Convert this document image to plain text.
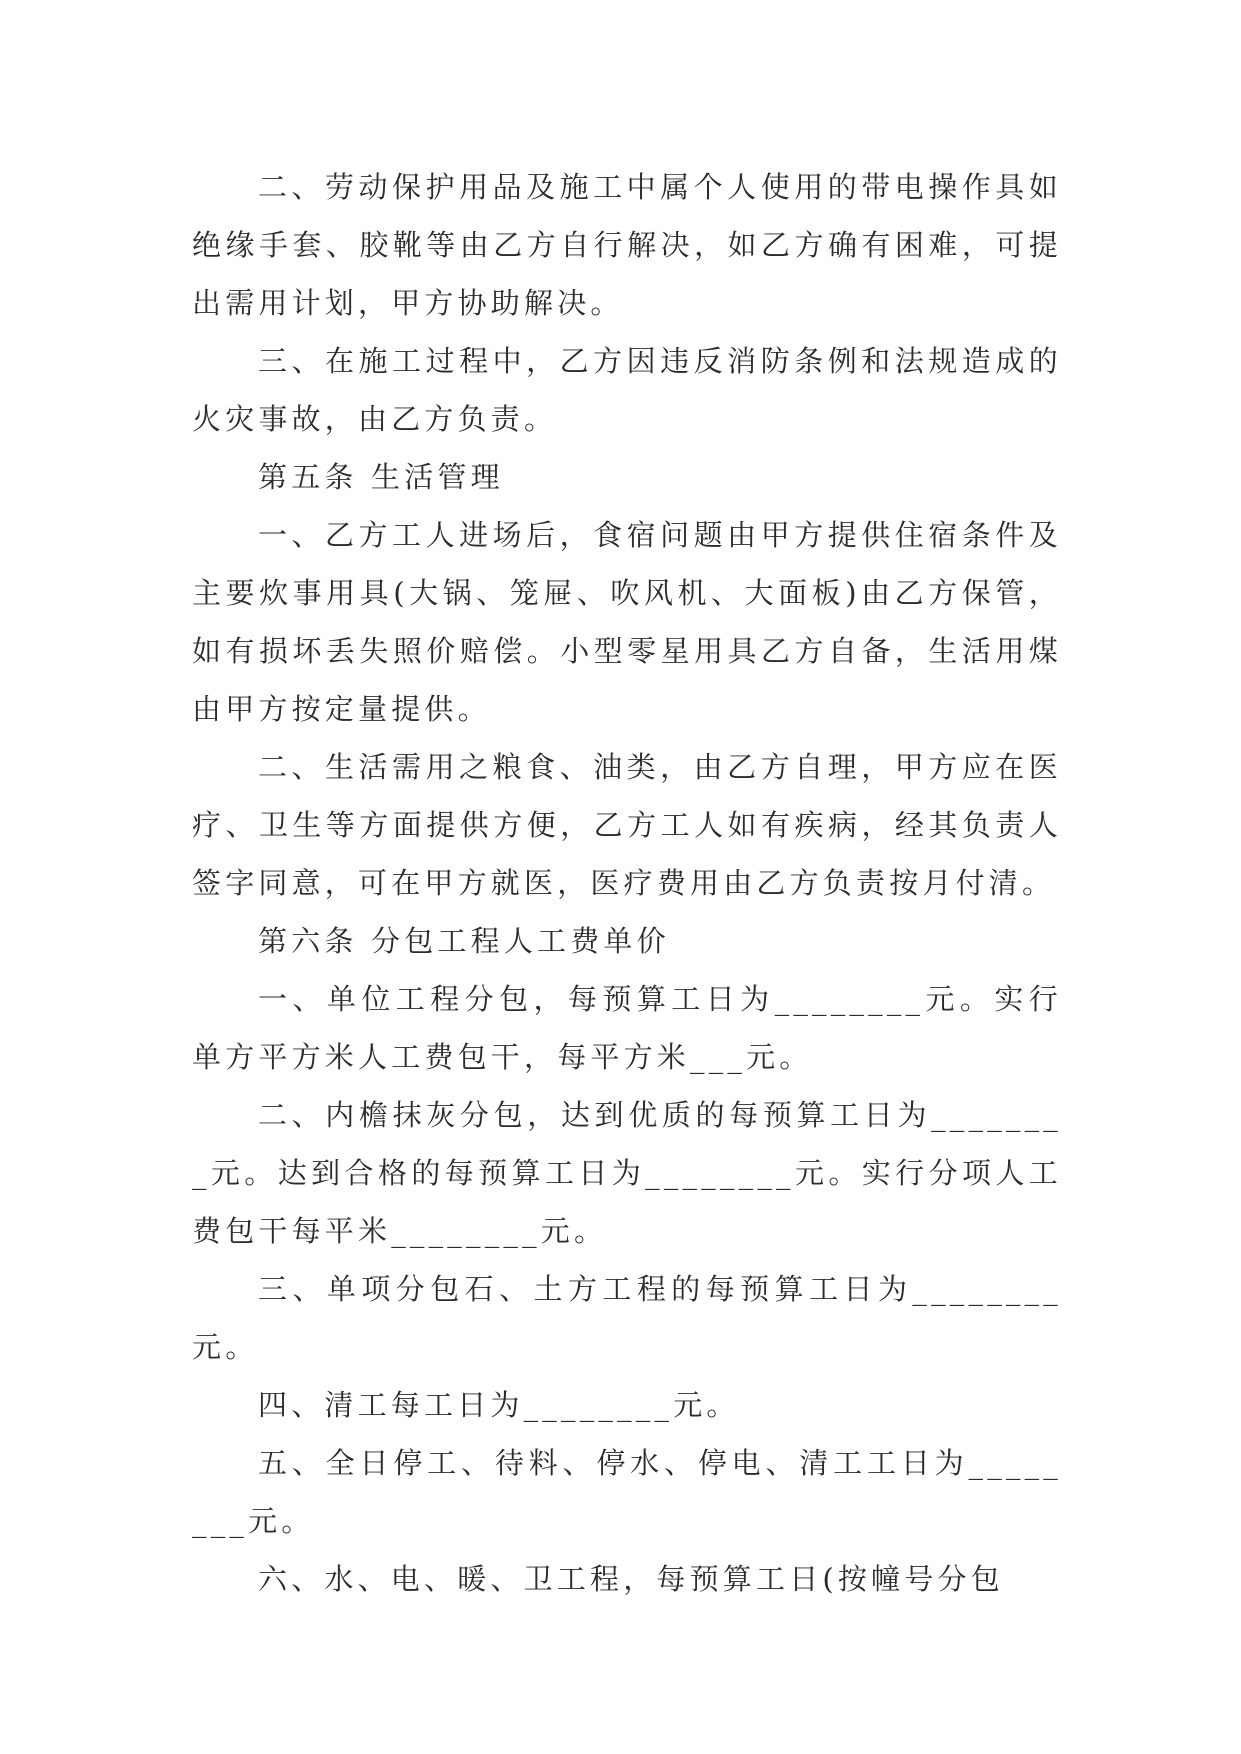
二、劳动保护用品及施工中属个人使用的带电操作具如绝缘手套、胶靴等由乙方自行解决，如乙方确有困难，可提出需用计划，甲方协助解决。

三、在施工过程中，乙方因违反消防条例和法规造成的火灾事故，由乙方负责。

第五条 生活管理

一、乙方工人进场后，食宿问题由甲方提供住宿条件及主要炊事用具(大锅、笼屉、吹风机、大面板)由乙方保管，如有损坏丢失照价赔偿。小型零星用具乙方自备，生活用煤由甲方按定量提供。

二、生活需用之粮食、油类，由乙方自理，甲方应在医疗、卫生等方面提供方便，乙方工人如有疾病，经其负责人签字同意，可在甲方就医，医疗费用由乙方负责按月付清。

第六条 分包工程人工费单价

一、单位工程分包，每预算工日为________元。实行单方平方米人工费包干，每平方米___元。

二、内檐抹灰分包，达到优质的每预算工日为________元。达到合格的每预算工日为________元。实行分项人工费包干每平米________元。

三、单项分包石、土方工程的每预算工日为________元。

四、清工每工日为________元。

五、全日停工、待料、停水、停电、清工工日为________元。

六、水、电、暖、卫工程，每预算工日(按幢号分包
